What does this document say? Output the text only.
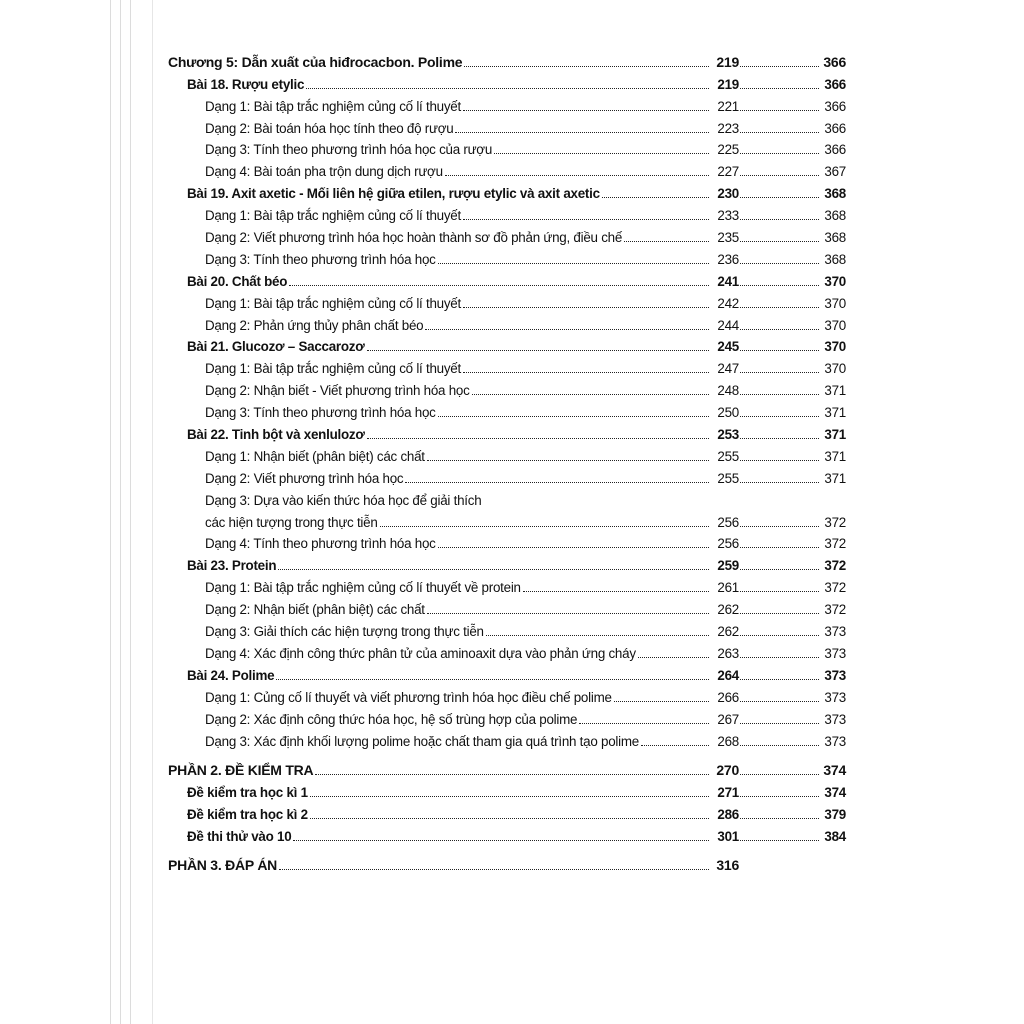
Chương 5: Dẫn xuất của hiđrocacbon. Polime	219	366
Bài 18. Rượu etylic	219	366
Dạng 1: Bài tập trắc nghiệm củng cố lí thuyết	221	366
Dạng 2: Bài toán hóa học tính theo độ rượu	223	366
Dạng 3: Tính theo phương trình hóa học của rượu	225	366
Dạng 4: Bài toán pha trộn dung dịch rượu	227	367
Bài 19. Axit axetic - Mối liên hệ giữa etilen, rượu etylic và axit axetic	230	368
Dạng 1: Bài tập trắc nghiệm củng cố lí thuyết	233	368
Dạng 2: Viết phương trình hóa học hoàn thành sơ đồ phản ứng, điều chế	235	368
Dạng 3: Tính theo phương trình hóa học	236	368
Bài 20. Chất béo	241	370
Dạng 1: Bài tập trắc nghiệm củng cố lí thuyết	242	370
Dạng 2: Phản ứng thủy phân chất béo	244	370
Bài 21. Glucozơ – Saccarozơ	245	370
Dạng 1: Bài tập trắc nghiệm củng cố lí thuyết	247	370
Dạng 2: Nhận biết - Viết phương trình hóa học	248	371
Dạng 3: Tính theo phương trình hóa học	250	371
Bài 22. Tinh bột và xenlulozơ	253	371
Dạng 1: Nhận biết (phân biệt) các chất	255	371
Dạng 2: Viết phương trình hóa học	255	371
Dạng 3: Dựa vào kiến thức hóa học để giải thích
các hiện tượng trong thực tiễn	256	372
Dạng 4: Tính theo phương trình hóa học	256	372
Bài 23. Protein	259	372
Dạng 1: Bài tập trắc nghiệm củng cố lí thuyết về protein	261	372
Dạng 2: Nhận biết (phân biệt) các chất	262	372
Dạng 3: Giải thích các hiện tượng trong thực tiễn	262	373
Dạng 4: Xác định công thức phân tử của aminoaxit dựa vào phản ứng cháy	263	373
Bài 24. Polime	264	373
Dạng 1: Củng cố lí thuyết và viết phương trình hóa học điều chế polime	266	373
Dạng 2: Xác định công thức hóa học, hệ số trùng hợp của polime	267	373
Dạng 3: Xác định khối lượng polime hoặc chất tham gia quá trình tạo polime	268	373
PHẦN 2. ĐỀ KIỂM TRA	270	374
Đề kiểm tra học kì 1	271	374
Đề kiểm tra học kì 2	286	379
Đề thi thử vào 10	301	384
PHẦN 3. ĐÁP ÁN	316
